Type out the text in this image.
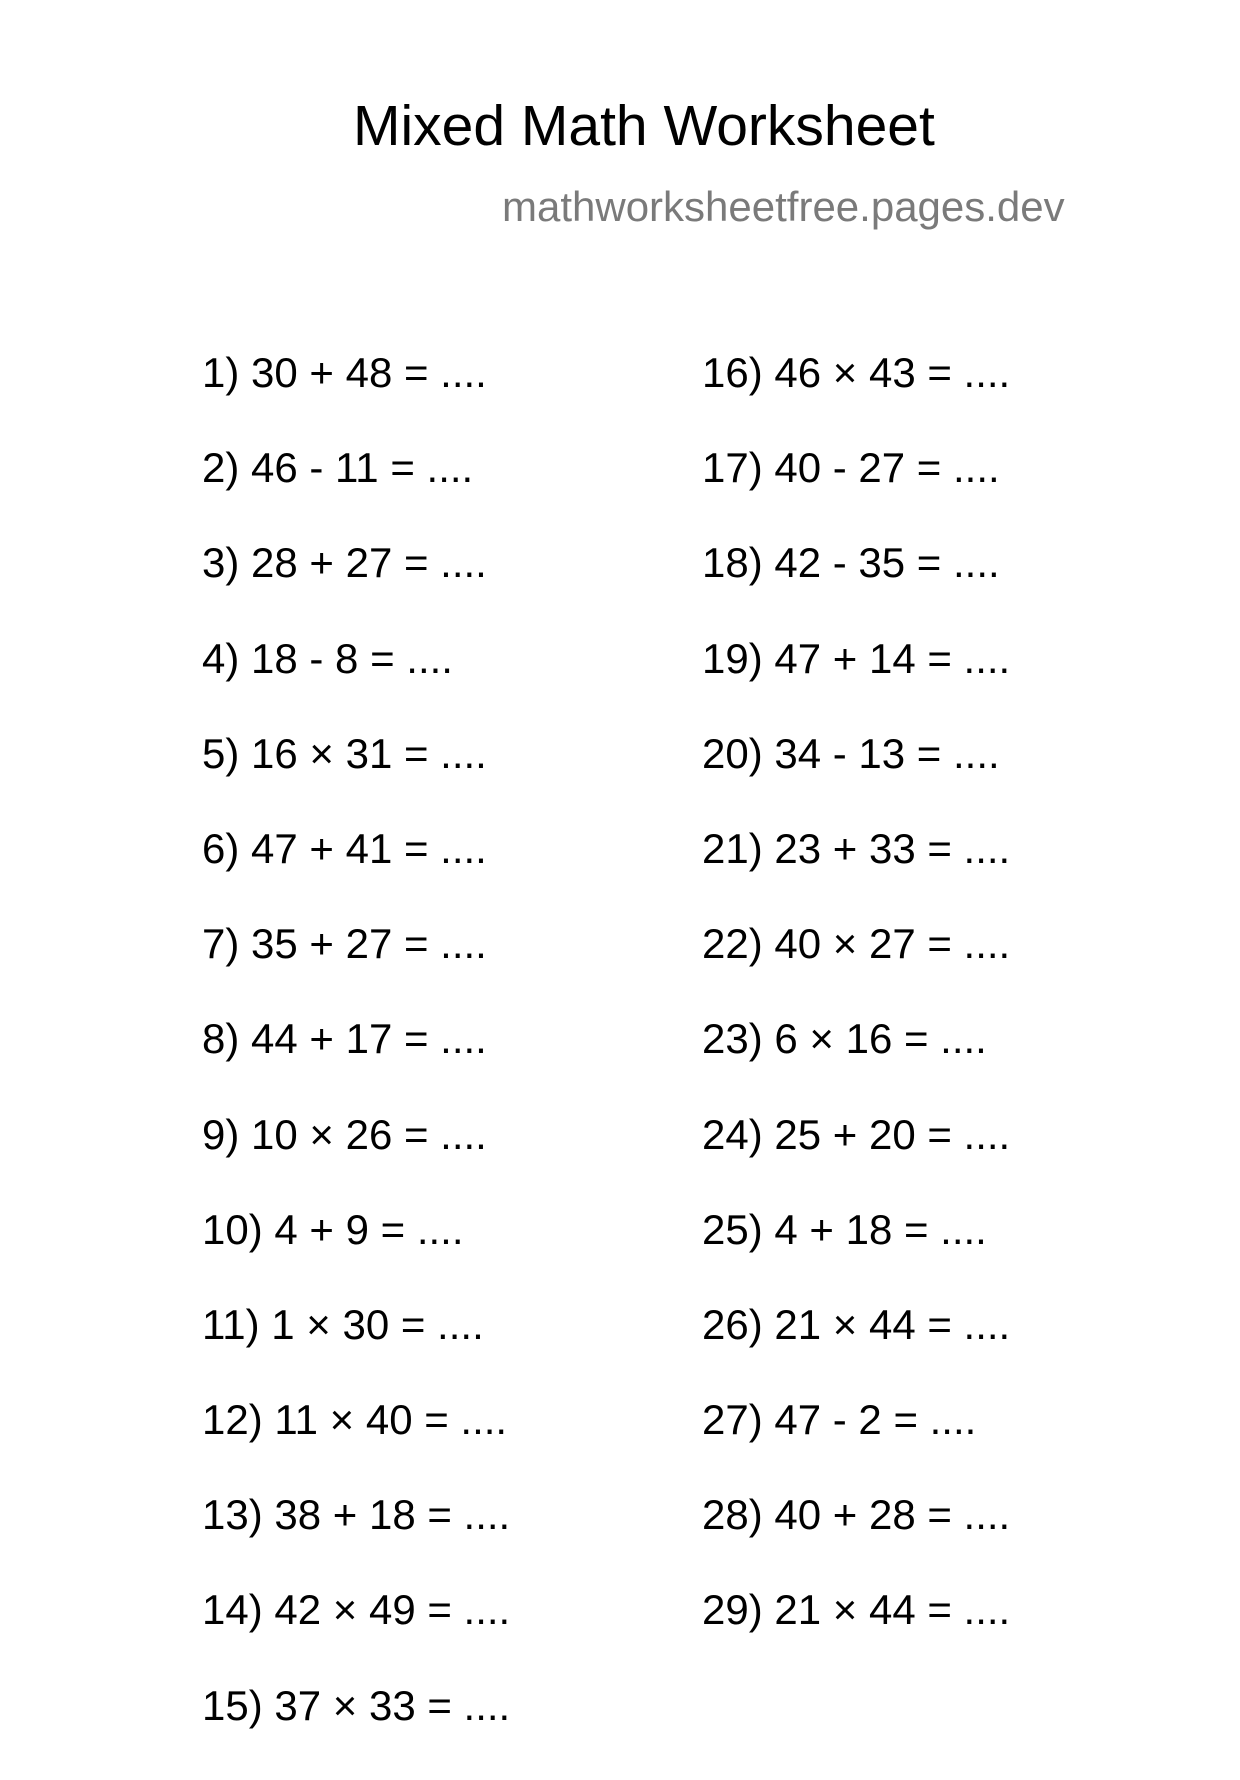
Mixed Math Worksheet
mathworksheetfree.pages.dev
1) 30 + 48 = ....
2) 46 - 11 = ....
3) 28 + 27 = ....
4) 18 - 8 = ....
5) 16 × 31 = ....
6) 47 + 41 = ....
7) 35 + 27 = ....
8) 44 + 17 = ....
9) 10 × 26 = ....
10) 4 + 9 = ....
11) 1 × 30 = ....
12) 11 × 40 = ....
13) 38 + 18 = ....
14) 42 × 49 = ....
15) 37 × 33 = ....
16) 46 × 43 = ....
17) 40 - 27 = ....
18) 42 - 35 = ....
19) 47 + 14 = ....
20) 34 - 13 = ....
21) 23 + 33 = ....
22) 40 × 27 = ....
23) 6 × 16 = ....
24) 25 + 20 = ....
25) 4 + 18 = ....
26) 21 × 44 = ....
27) 47 - 2 = ....
28) 40 + 28 = ....
29) 21 × 44 = ....
